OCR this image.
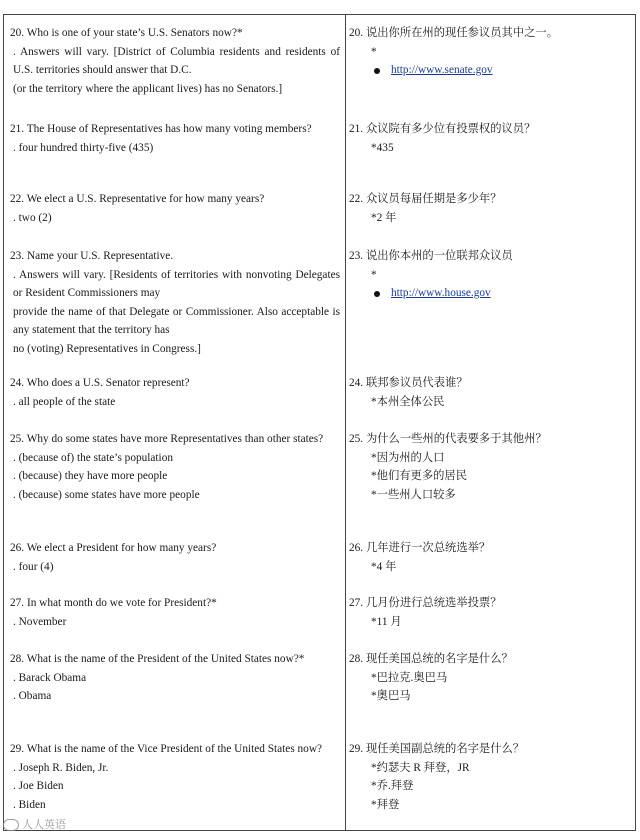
20. Who is one of your state’s U.S. Senators now?*
. Answers will vary. [District of Columbia residents and residents of U.S. territories should answer that D.C.
(or the territory where the applicant lives) has no Senators.]
21. The House of Representatives has how many voting members?
. four hundred thirty-five (435)
22. We elect a U.S. Representative for how many years?
. two (2)
23. Name your U.S. Representative.
. Answers will vary. [Residents of territories with nonvoting Delegates or Resident Commissioners may
provide the name of that Delegate or Commissioner. Also acceptable is any statement that the territory has
no (voting) Representatives in Congress.]
24. Who does a U.S. Senator represent?
. all people of the state
25. Why do some states have more Representatives than other states?
. (because of) the state’s population
. (because) they have more people
. (because) some states have more people
26. We elect a President for how many years?
. four (4)
27. In what month do we vote for President?*
. November
28. What is the name of the President of the United States now?*
. Barack Obama
. Obama
29. What is the name of the Vice President of the United States now?
. Joseph R. Biden, Jr.
. Joe Biden
. Biden
20. 说出你所在州的现任参议员其中之一。
*
http://www.senate.gov
21. 众议院有多少位有投票权的议员？
*435
22. 众议员每届任期是多少年？
*2 年
23. 说出你本州的一位联邦众议员
*
http://www.house.gov
24. 联邦参议员代表谁？
*本州全体公民
25. 为什么一些州的代表要多于其他州？
*因为州的人口
*他们有更多的居民
*一些州人口较多
26. 几年进行一次总统选举？
*4 年
27. 几月份进行总统选举投票？
*11 月
28. 现任美国总统的名字是什么？
*巴拉克.奥巴马
*奥巴马
29. 现任美国副总统的名字是什么？
*约瑟夫 R 拜登，JR
*乔.拜登
*拜登
人人英语
